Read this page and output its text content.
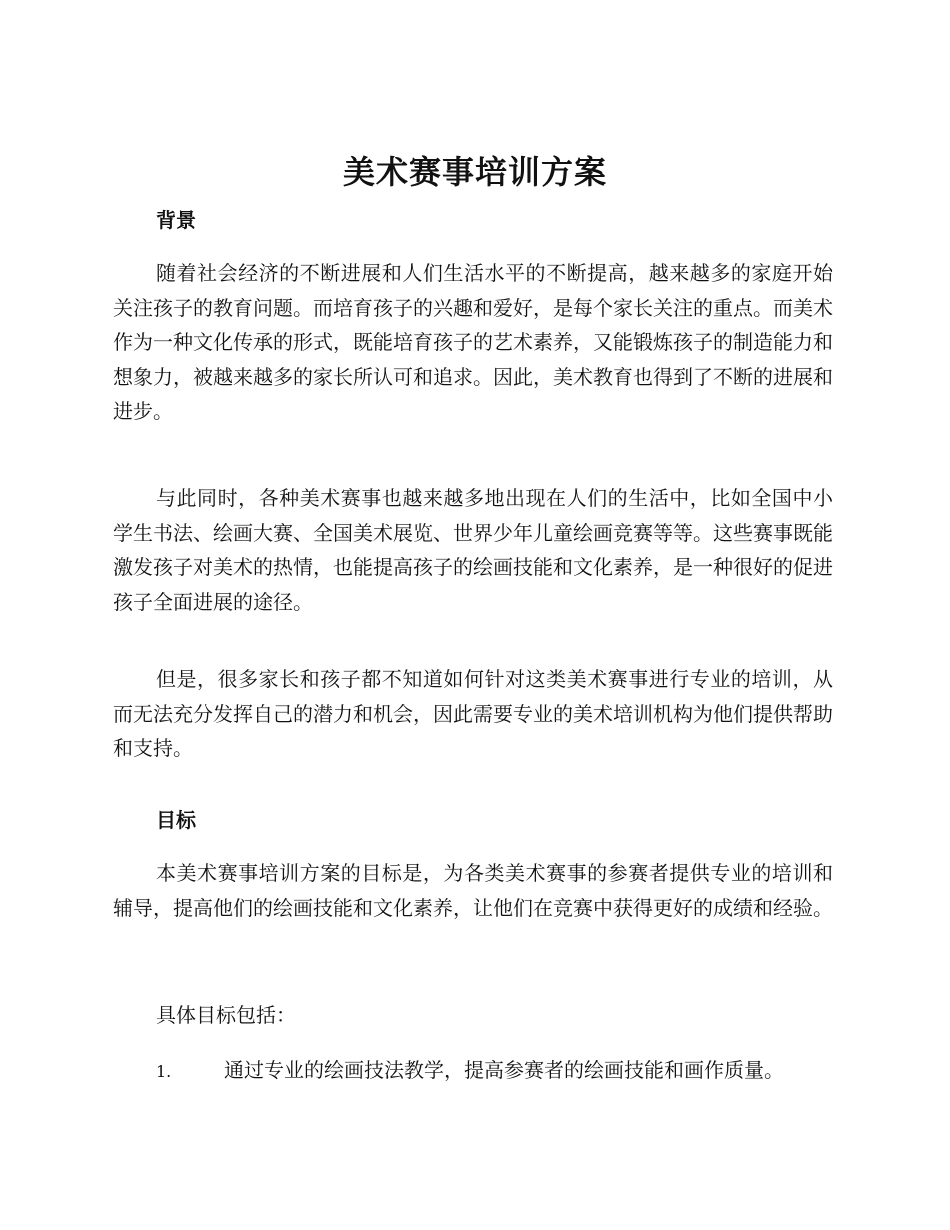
美术赛事培训方案
背景

随着社会经济的不断进展和人们生活水平的不断提高，越来越多的家庭开始关注孩子的教育问题。而培育孩子的兴趣和爱好，是每个家长关注的重点。而美术作为一种文化传承的形式，既能培育孩子的艺术素养，又能锻炼孩子的制造能力和想象力，被越来越多的家长所认可和追求。因此，美术教育也得到了不断的进展和进步。

与此同时，各种美术赛事也越来越多地出现在人们的生活中，比如全国中小学生书法、绘画大赛、全国美术展览、世界少年儿童绘画竞赛等等。这些赛事既能激发孩子对美术的热情，也能提高孩子的绘画技能和文化素养，是一种很好的促进孩子全面进展的途径。

但是，很多家长和孩子都不知道如何针对这类美术赛事进行专业的培训，从而无法充分发挥自己的潜力和机会，因此需要专业的美术培训机构为他们提供帮助和支持。

目标

本美术赛事培训方案的目标是，为各类美术赛事的参赛者提供专业的培训和辅导，提高他们的绘画技能和文化素养，让他们在竞赛中获得更好的成绩和经验。

具体目标包括：

1.	通过专业的绘画技法教学，提高参赛者的绘画技能和画作质量。
